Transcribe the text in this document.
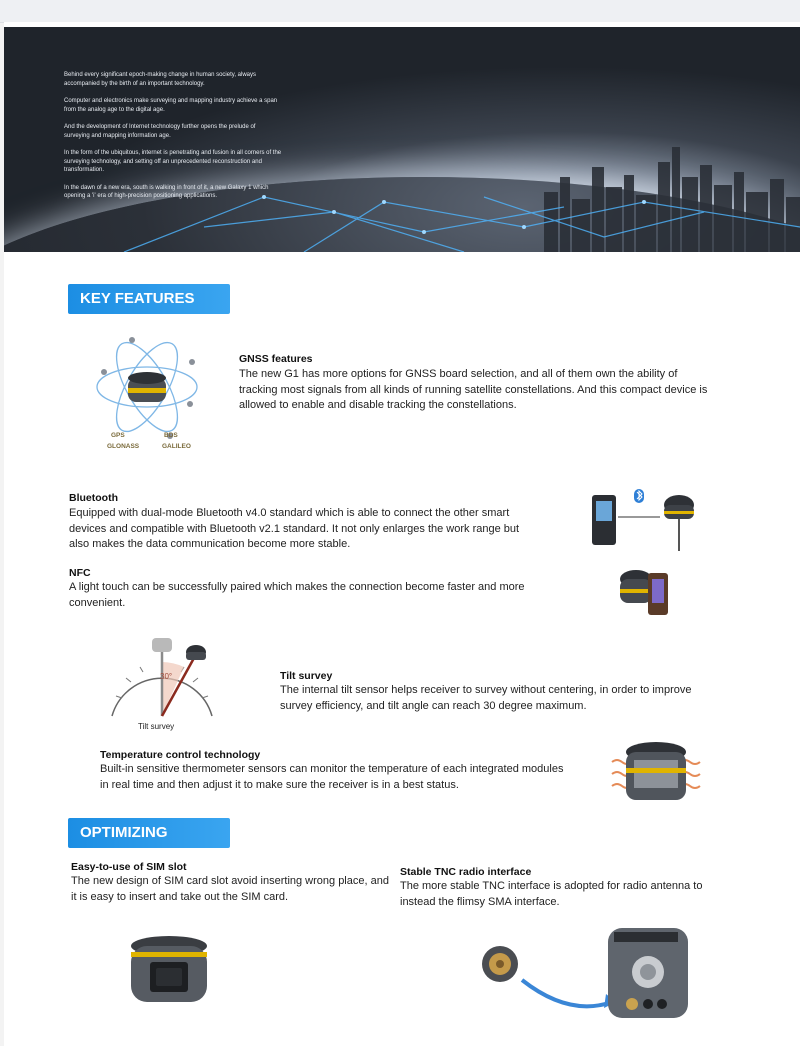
Behind every significant epoch-making change in human society, always accompanied by the birth of an important technology.

Computer and electronics make surveying and mapping industry achieve a span from the analog age to the digital age.

And the development of Internet technology further opens the prelude of surveying and mapping information age.

In the form of the ubiquitous, internet is penetrating and fusion in all corners of the surveying technology, and setting off an unprecedented reconstruction and transformation.

In the dawn of a new era, south is walking in front of it, a new Galaxy 1 which opening a 'i' era of high-precision positioning applications.

KEY FEATURES
GPS	BDS
GLONASS	GALILEO
GNSS features
The new G1 has more options for GNSS board selection, and all of them own the ability of tracking most signals from all kinds of running satellite constellations. And this compact device is allowed to enable and disable tracking the constellations.
Bluetooth
Equipped with dual-mode Bluetooth v4.0 standard which is able to connect the other smart devices and compatible with Bluetooth v2.1 standard. It not only enlarges the work range but also makes the data communication become more stable.
NFC
A light touch can be successfully paired which makes the connection become faster and more convenient.
30°
Tilt survey
Tilt survey
The internal tilt sensor helps receiver to survey without centering, in order to improve survey efficiency, and tilt angle can reach 30 degree maximum.
Temperature control technology
Built-in sensitive thermometer sensors can monitor the temperature of each integrated modules in real time and then adjust it to make sure the receiver is in a best status.
OPTIMIZING
Easy-to-use of SIM slot
The new design of SIM card slot avoid inserting wrong place, and it is easy to insert and take out the SIM card.
Stable TNC radio interface
The more stable TNC interface is adopted for radio antenna to instead the flimsy SMA interface.
